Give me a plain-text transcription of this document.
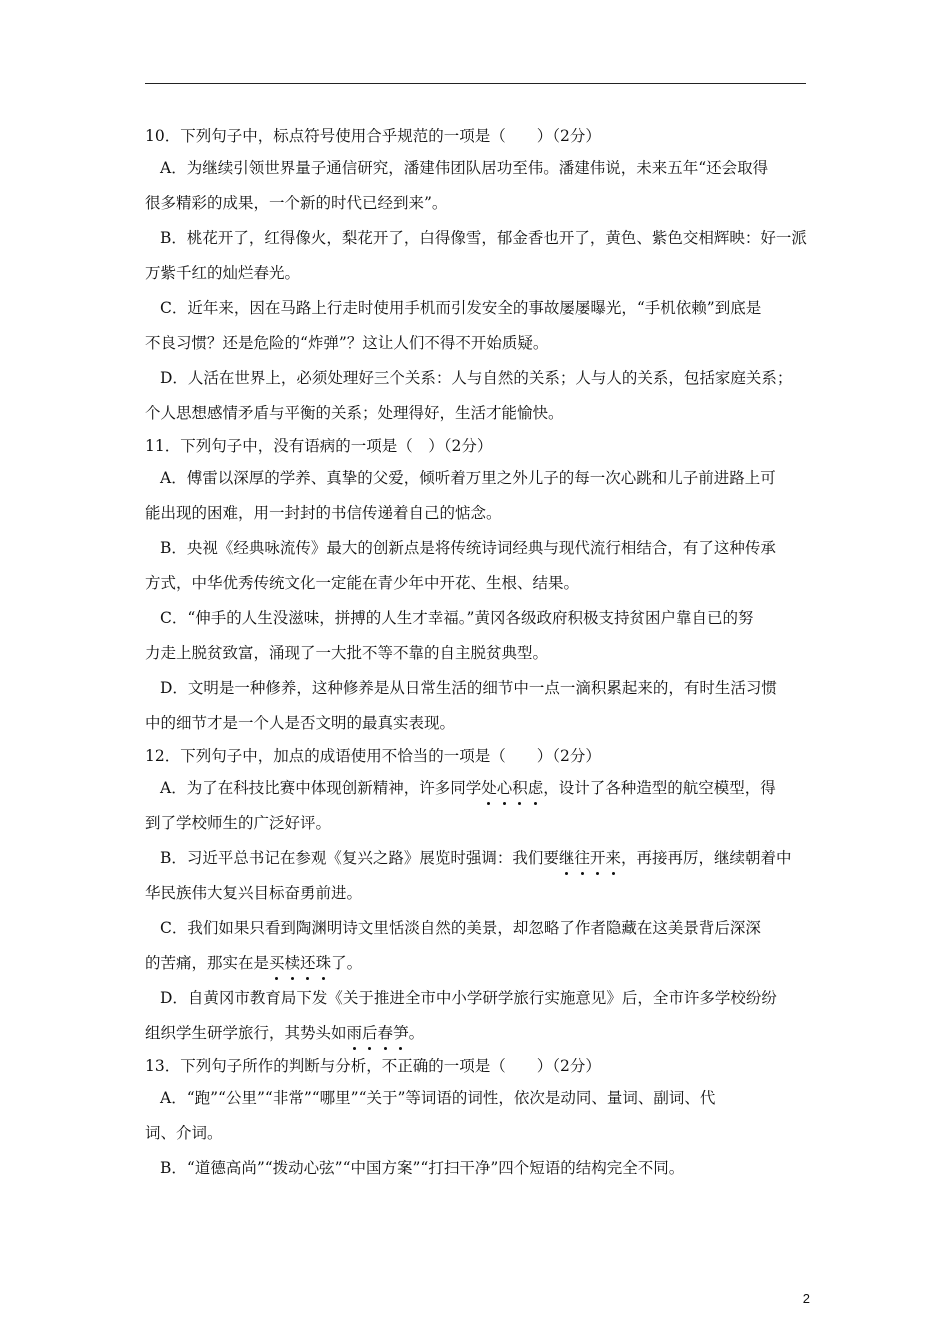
10．下列句子中，标点符号使用合乎规范的一项是（　　）（2分）
A．为继续引领世界量子通信研究，潘建伟团队居功至伟。潘建伟说，未来五年“还会取得
很多精彩的成果，一个新的时代已经到来”。
B．桃花开了，红得像火，梨花开了，白得像雪，郁金香也开了，黄色、紫色交相辉映：好一派
万紫千红的灿烂春光。
C．近年来，因在马路上行走时使用手机而引发安全的事故屡屡曝光，“手机依赖”到底是
不良习惯？还是危险的“炸弹”？这让人们不得不开始质疑。
D．人活在世界上，必须处理好三个关系：人与自然的关系；人与人的关系，包括家庭关系；
个人思想感情矛盾与平衡的关系；处理得好，生活才能愉快。
11．下列句子中，没有语病的一项是（　）（2分）
A．傅雷以深厚的学养、真挚的父爱，倾听着万里之外儿子的每一次心跳和儿子前进路上可
能出现的困难，用一封封的书信传递着自己的惦念。
B．央视《经典咏流传》最大的创新点是将传统诗词经典与现代流行相结合，有了这种传承
方式，中华优秀传统文化一定能在青少年中开花、生根、结果。
C．“伸手的人生没滋味，拼搏的人生才幸福。”黄冈各级政府积极支持贫困户靠自已的努
力走上脱贫致富，涌现了一大批不等不靠的自主脱贫典型。
D．文明是一种修养，这种修养是从日常生活的细节中一点一滴积累起来的，有时生活习惯
中的细节才是一个人是否文明的最真实表现。
12．下列句子中，加点的成语使用不恰当的一项是（　　）（2分）
A．为了在科技比赛中体现创新精神，许多同学处心积虑，设计了各种造型的航空模型，得
到了学校师生的广泛好评。
B．习近平总书记在参观《复兴之路》展览时强调：我们要继往开来，再接再厉，继续朝着中
华民族伟大复兴目标奋勇前进。
C．我们如果只看到陶渊明诗文里恬淡自然的美景，却忽略了作者隐藏在这美景背后深深
的苦痛，那实在是买椟还珠了。
D．自黄冈市教育局下发《关于推进全市中小学研学旅行实施意见》后，全市许多学校纷纷
组织学生研学旅行，其势头如雨后春笋。
13．下列句子所作的判断与分析，不正确的一项是（　　）（2分）
A．“跑”“公里”“非常”“哪里”“关于”等词语的词性，依次是动同、量词、副词、代
词、介词。
B．“道德高尚”“拨动心弦”“中国方案”“打扫干净”四个短语的结构完全不同。
2
